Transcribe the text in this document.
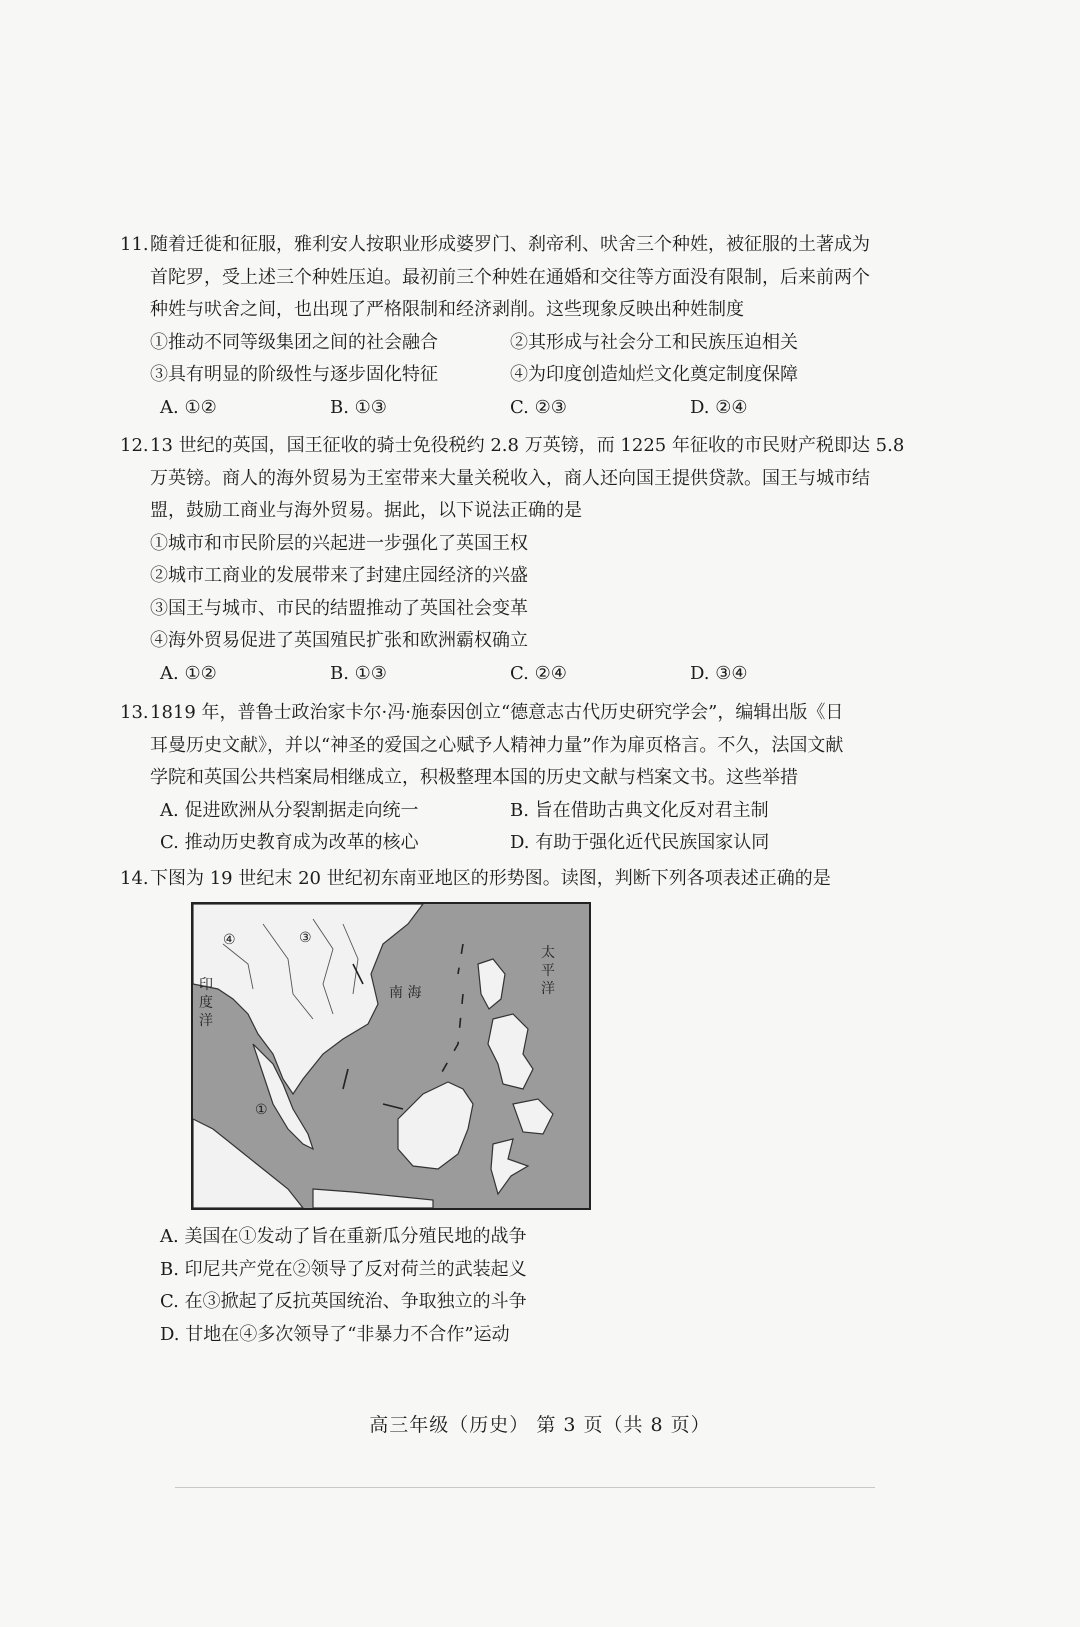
11.随着迁徙和征服，雅利安人按职业形成婆罗门、刹帝利、吠舍三个种姓，被征服的土著成为
首陀罗，受上述三个种姓压迫。最初前三个种姓在通婚和交往等方面没有限制，后来前两个
种姓与吠舍之间，也出现了严格限制和经济剥削。这些现象反映出种姓制度
①推动不同等级集团之间的社会融合	②其形成与社会分工和民族压迫相关
③具有明显的阶级性与逐步固化特征	④为印度创造灿烂文化奠定制度保障
A. ①②	B. ①③	C. ②③	D. ②④
12.13 世纪的英国，国王征收的骑士免役税约 2.8 万英镑，而 1225 年征收的市民财产税即达 5.8
万英镑。商人的海外贸易为王室带来大量关税收入，商人还向国王提供贷款。国王与城市结
盟，鼓励工商业与海外贸易。据此，以下说法正确的是
①城市和市民阶层的兴起进一步强化了英国王权
②城市工商业的发展带来了封建庄园经济的兴盛
③国王与城市、市民的结盟推动了英国社会变革
④海外贸易促进了英国殖民扩张和欧洲霸权确立
A. ①②	B. ①③	C. ②④	D. ③④
13.1819 年，普鲁士政治家卡尔·冯·施泰因创立“德意志古代历史研究学会”，编辑出版《日
耳曼历史文献》，并以“神圣的爱国之心赋予人精神力量”作为扉页格言。不久，法国文献
学院和英国公共档案局相继成立，积极整理本国的历史文献与档案文书。这些举措
A. 促进欧洲从分裂割据走向统一	B. 旨在借助古典文化反对君主制
C. 推动历史教育成为改革的核心	D. 有助于强化近代民族国家认同
14.下图为 19 世纪末 20 世纪初东南亚地区的形势图。读图，判断下列各项表述正确的是
南 海
太平洋
印度洋
①
③
④
A. 美国在①发动了旨在重新瓜分殖民地的战争
B. 印尼共产党在②领导了反对荷兰的武装起义
C. 在③掀起了反抗英国统治、争取独立的斗争
D. 甘地在④多次领导了“非暴力不合作”运动
高三年级（历史） 第 3 页（共 8 页）
